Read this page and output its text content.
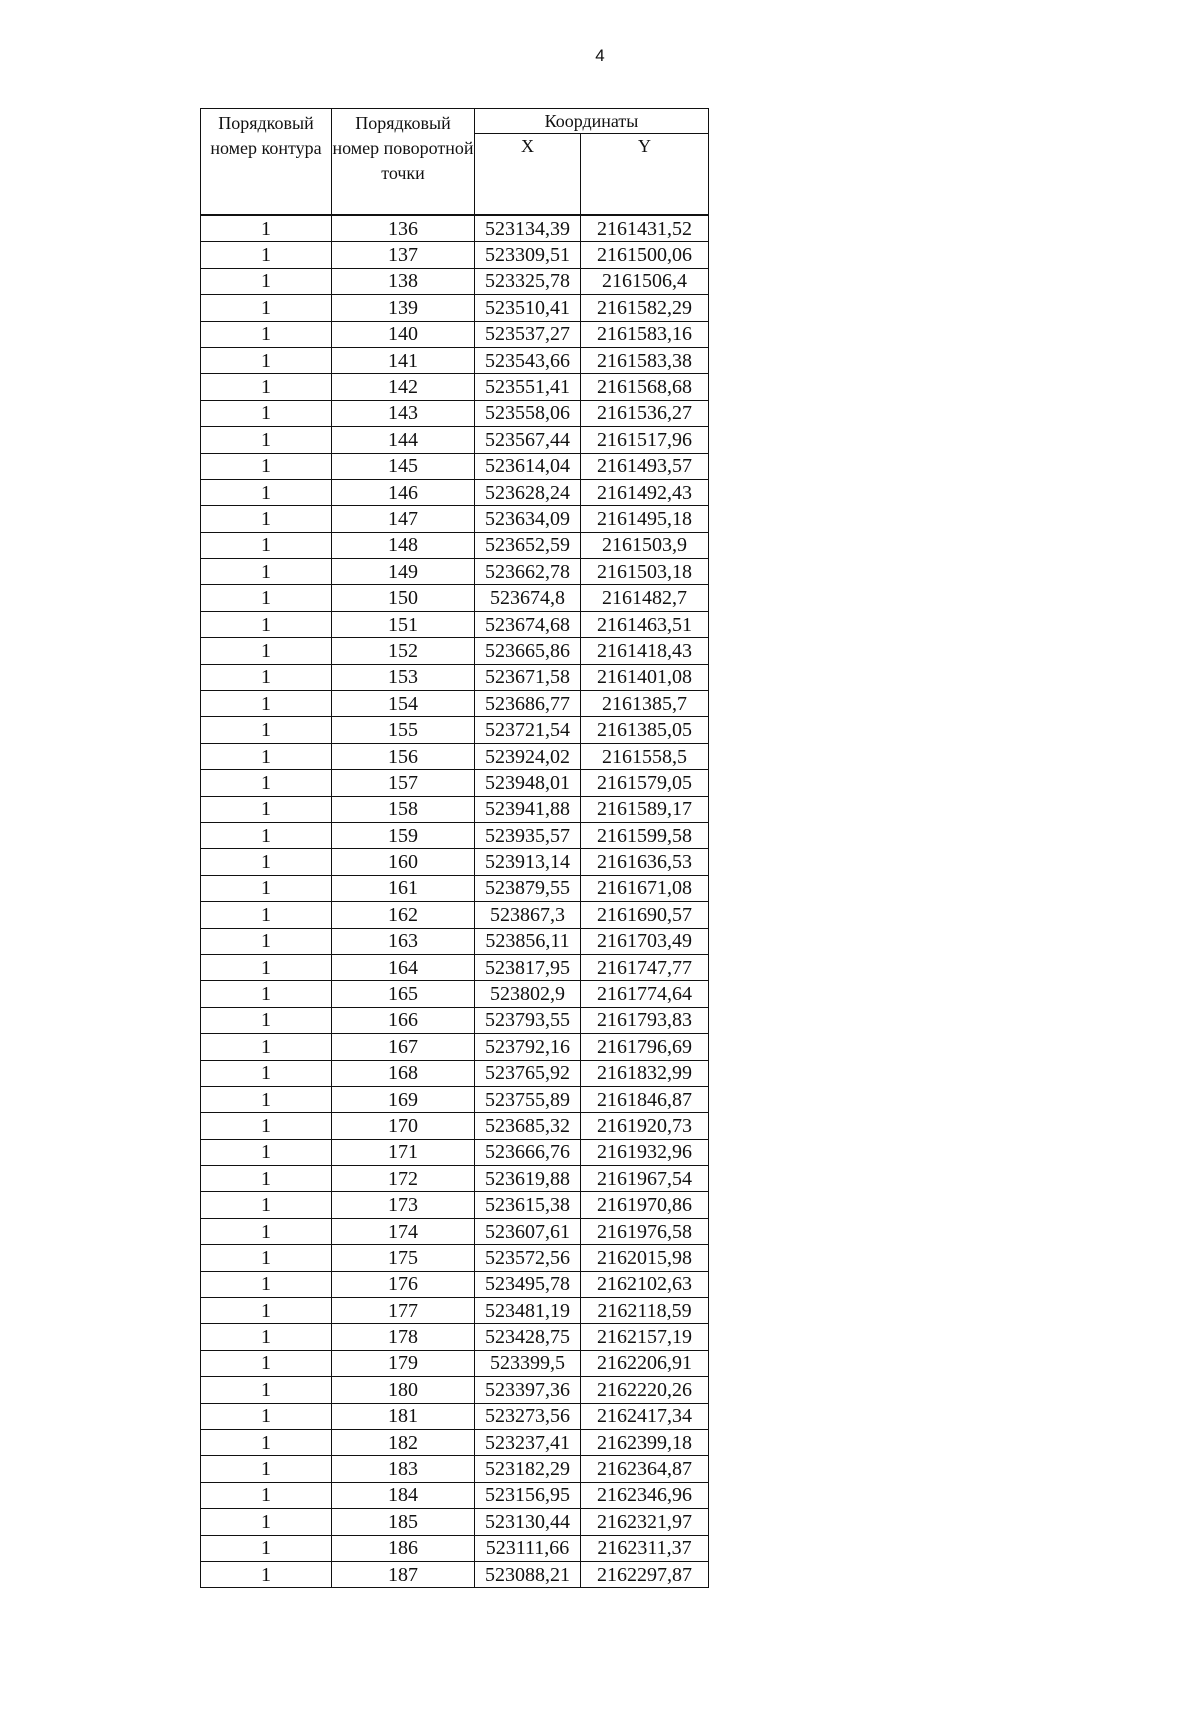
4
Порядковый номер контура	Порядковый номер поворотной точки	Координаты	
		X	Y
1	136	523134,39	2161431,52
1	137	523309,51	2161500,06
1	138	523325,78	2161506,4
1	139	523510,41	2161582,29
1	140	523537,27	2161583,16
1	141	523543,66	2161583,38
1	142	523551,41	2161568,68
1	143	523558,06	2161536,27
1	144	523567,44	2161517,96
1	145	523614,04	2161493,57
1	146	523628,24	2161492,43
1	147	523634,09	2161495,18
1	148	523652,59	2161503,9
1	149	523662,78	2161503,18
1	150	523674,8	2161482,7
1	151	523674,68	2161463,51
1	152	523665,86	2161418,43
1	153	523671,58	2161401,08
1	154	523686,77	2161385,7
1	155	523721,54	2161385,05
1	156	523924,02	2161558,5
1	157	523948,01	2161579,05
1	158	523941,88	2161589,17
1	159	523935,57	2161599,58
1	160	523913,14	2161636,53
1	161	523879,55	2161671,08
1	162	523867,3	2161690,57
1	163	523856,11	2161703,49
1	164	523817,95	2161747,77
1	165	523802,9	2161774,64
1	166	523793,55	2161793,83
1	167	523792,16	2161796,69
1	168	523765,92	2161832,99
1	169	523755,89	2161846,87
1	170	523685,32	2161920,73
1	171	523666,76	2161932,96
1	172	523619,88	2161967,54
1	173	523615,38	2161970,86
1	174	523607,61	2161976,58
1	175	523572,56	2162015,98
1	176	523495,78	2162102,63
1	177	523481,19	2162118,59
1	178	523428,75	2162157,19
1	179	523399,5	2162206,91
1	180	523397,36	2162220,26
1	181	523273,56	2162417,34
1	182	523237,41	2162399,18
1	183	523182,29	2162364,87
1	184	523156,95	2162346,96
1	185	523130,44	2162321,97
1	186	523111,66	2162311,37
1	187	523088,21	2162297,87
